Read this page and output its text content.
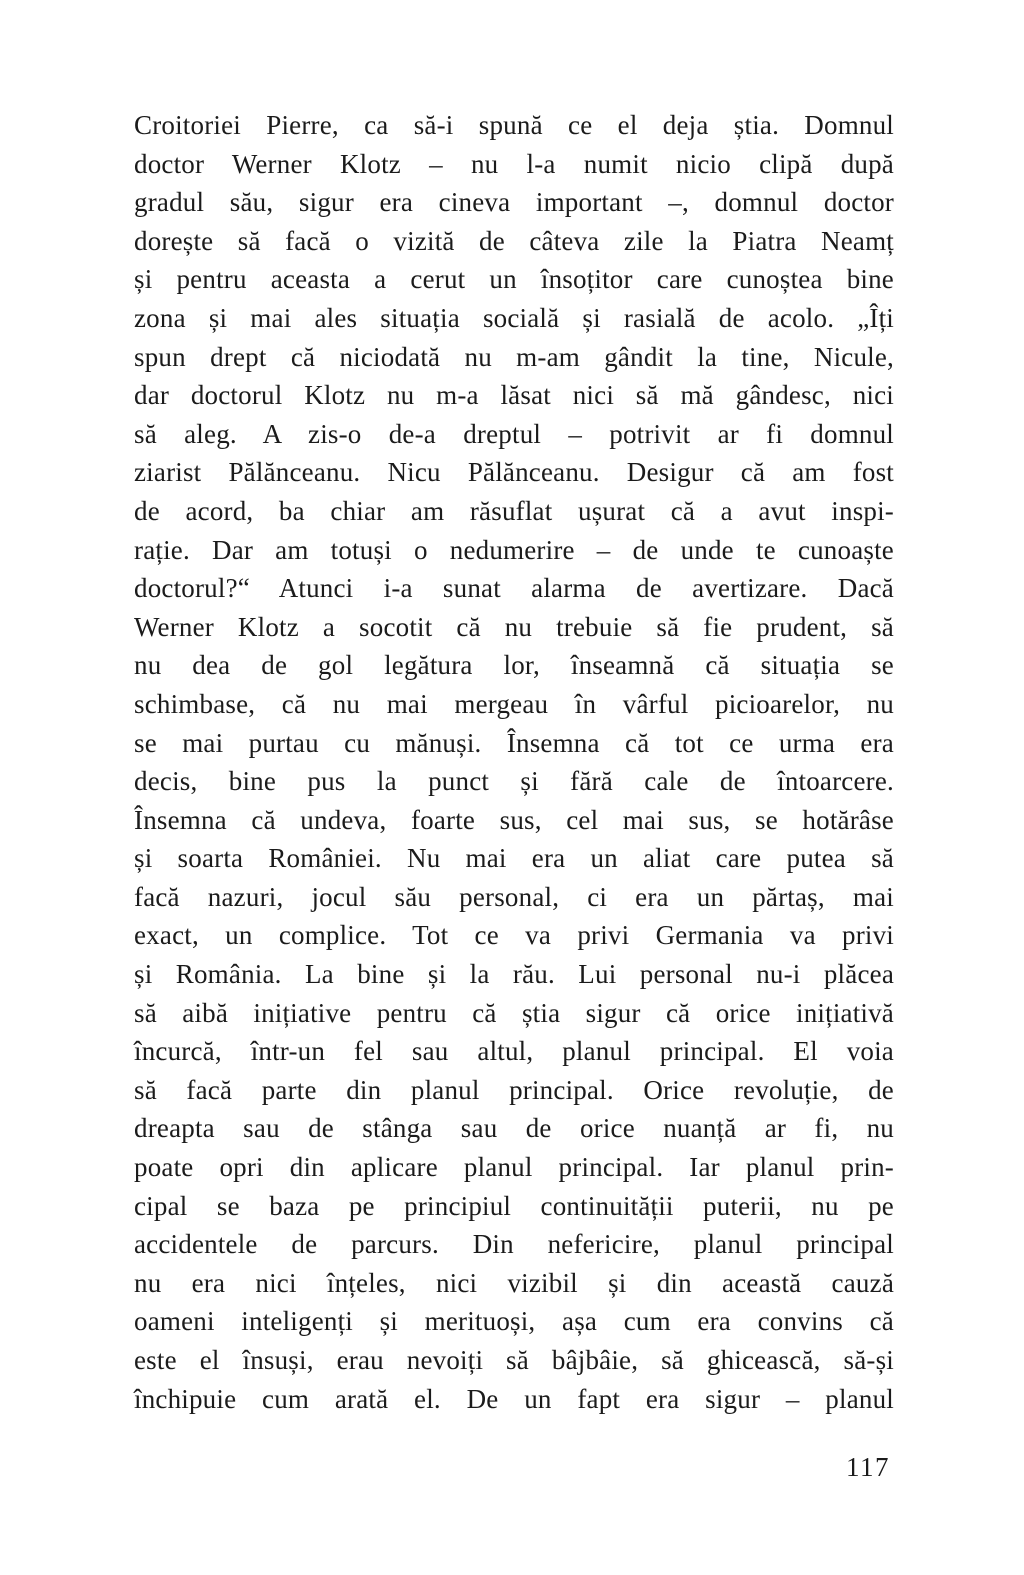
Croitoriei Pierre, ca să-i spună ce el deja știa. Domnul
doctor Werner Klotz – nu l-a numit nicio clipă după
gradul său, sigur era cineva important –, domnul doctor
dorește să facă o vizită de câteva zile la Piatra Neamț
și pentru aceasta a cerut un însoțitor care cunoștea bine
zona și mai ales situația socială și rasială de acolo. „Îți
spun drept că niciodată nu m-am gândit la tine, Nicule,
dar doctorul Klotz nu m-a lăsat nici să mă gândesc, nici
să aleg. A zis-o de-a dreptul – potrivit ar fi domnul
ziarist Pălănceanu. Nicu Pălănceanu. Desigur că am fost
de acord, ba chiar am răsuflat ușurat că a avut inspi-
rație. Dar am totuși o nedumerire – de unde te cunoaște
doctorul?“ Atunci i-a sunat alarma de avertizare. Dacă
Werner Klotz a socotit că nu trebuie să fie prudent, să
nu dea de gol legătura lor, înseamnă că situația se
schimbase, că nu mai mergeau în vârful picioarelor, nu
se mai purtau cu mănuși. Însemna că tot ce urma era
decis, bine pus la punct și fără cale de întoarcere.
Însemna că undeva, foarte sus, cel mai sus, se hotărâse
și soarta României. Nu mai era un aliat care putea să
facă nazuri, jocul său personal, ci era un părtaș, mai
exact, un complice. Tot ce va privi Germania va privi
și România. La bine și la rău. Lui personal nu-i plăcea
să aibă inițiative pentru că știa sigur că orice inițiativă
încurcă, într-un fel sau altul, planul principal. El voia
să facă parte din planul principal. Orice revoluție, de
dreapta sau de stânga sau de orice nuanță ar fi, nu
poate opri din aplicare planul principal. Iar planul prin-
cipal se baza pe principiul continuității puterii, nu pe
accidentele de parcurs. Din nefericire, planul principal
nu era nici înțeles, nici vizibil și din această cauză
oameni inteligenți și merituoși, așa cum era convins că
este el însuși, erau nevoiți să bâjbâie, să ghicească, să-și
închipuie cum arată el. De un fapt era sigur – planul
117
